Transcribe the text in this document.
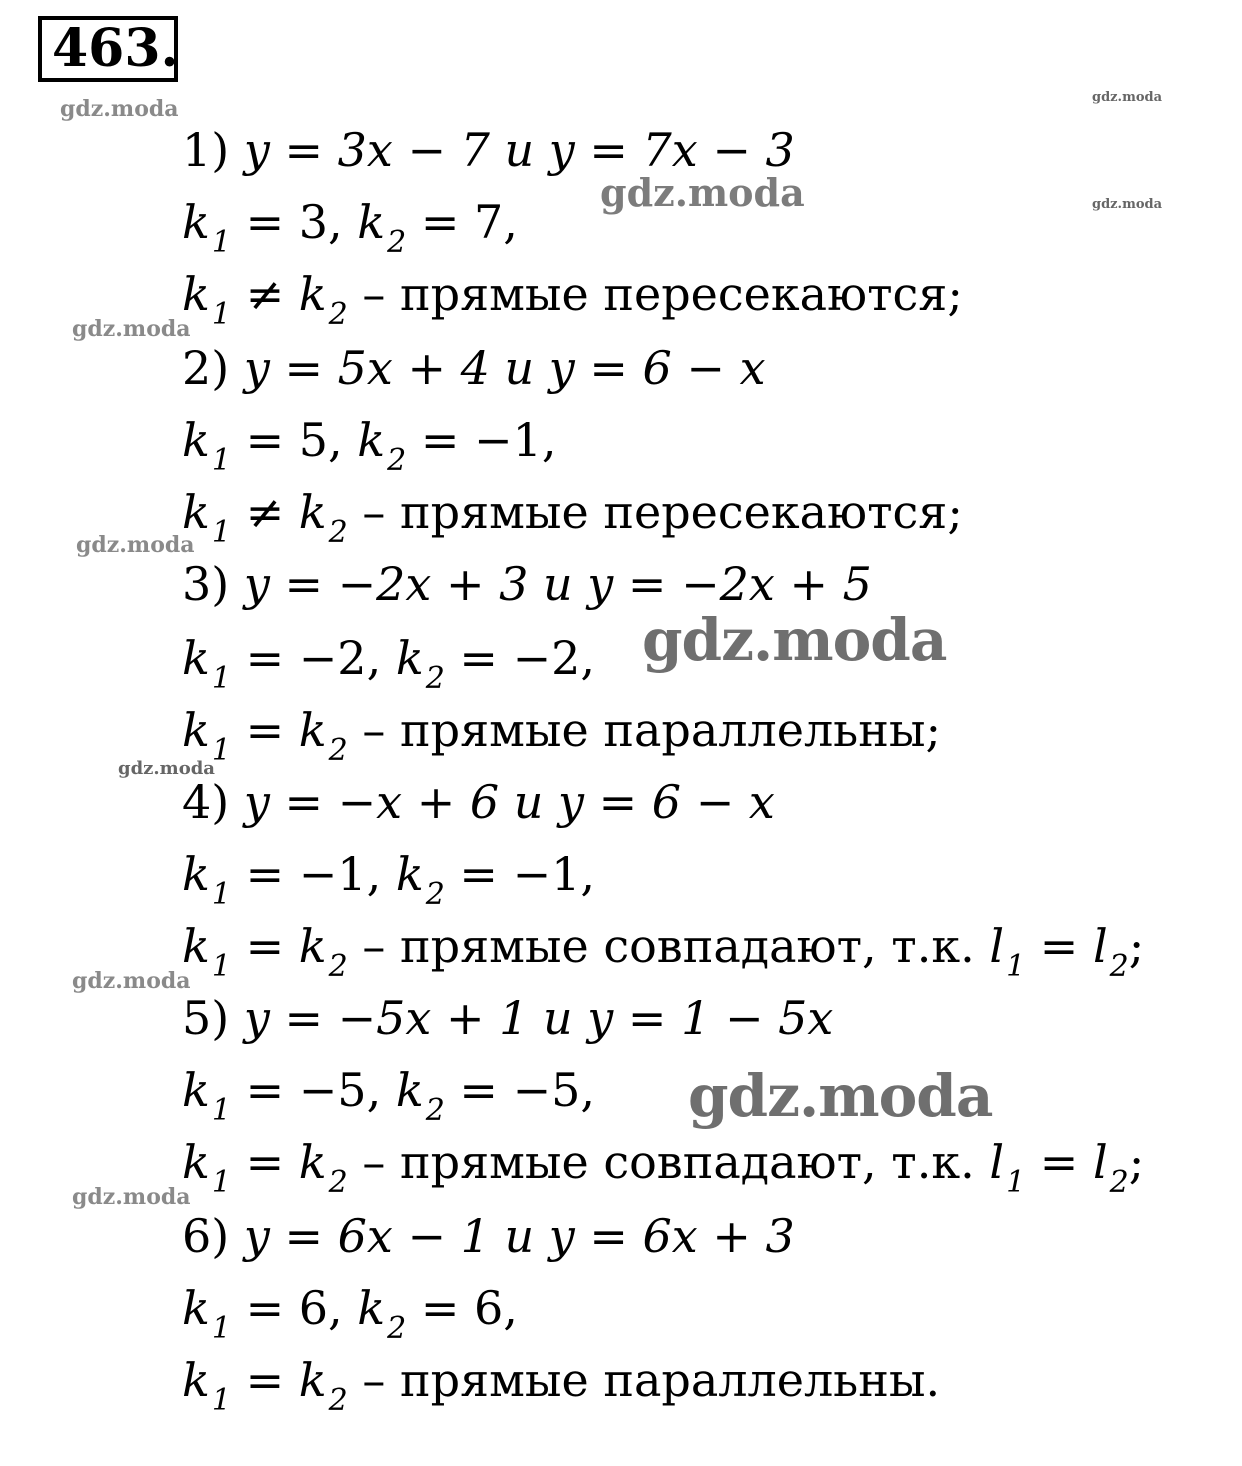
463.
gdz.moda	gdz.moda
gdz.moda	gdz.moda
gdz.moda
gdz.moda
gdz.moda
gdz.moda
gdz.moda
gdz.moda
gdz.moda
1) y = 3x − 7 и y = 7x − 3
$k_1 = 3$, $k_2 = 7$,
$k_1 \ne k_2$ – прямые пересекаются;
2) y = 5x + 4 и y = 6 − x
$k_1 = 5$, $k_2 = -1$,
$k_1 \ne k_2$ – прямые пересекаются;
3) y = −2x + 3 и y = −2x + 5
$k_1 = -2$, $k_2 = -2$,
$k_1 = k_2$ – прямые параллельны;
4) y = −x + 6 и y = 6 − x
$k_1 = -1$, $k_2 = -1$,
$k_1 = k_2$ – прямые совпадают, т.к. $l_1 = l_2$;
5) y = −5x + 1 и y = 1 − 5x
$k_1 = -5$, $k_2 = -5$,
$k_1 = k_2$ – прямые совпадают, т.к. $l_1 = l_2$;
6) y = 6x − 1 и y = 6x + 3
$k_1 = 6$, $k_2 = 6$,
$k_1 = k_2$ – прямые параллельны.
